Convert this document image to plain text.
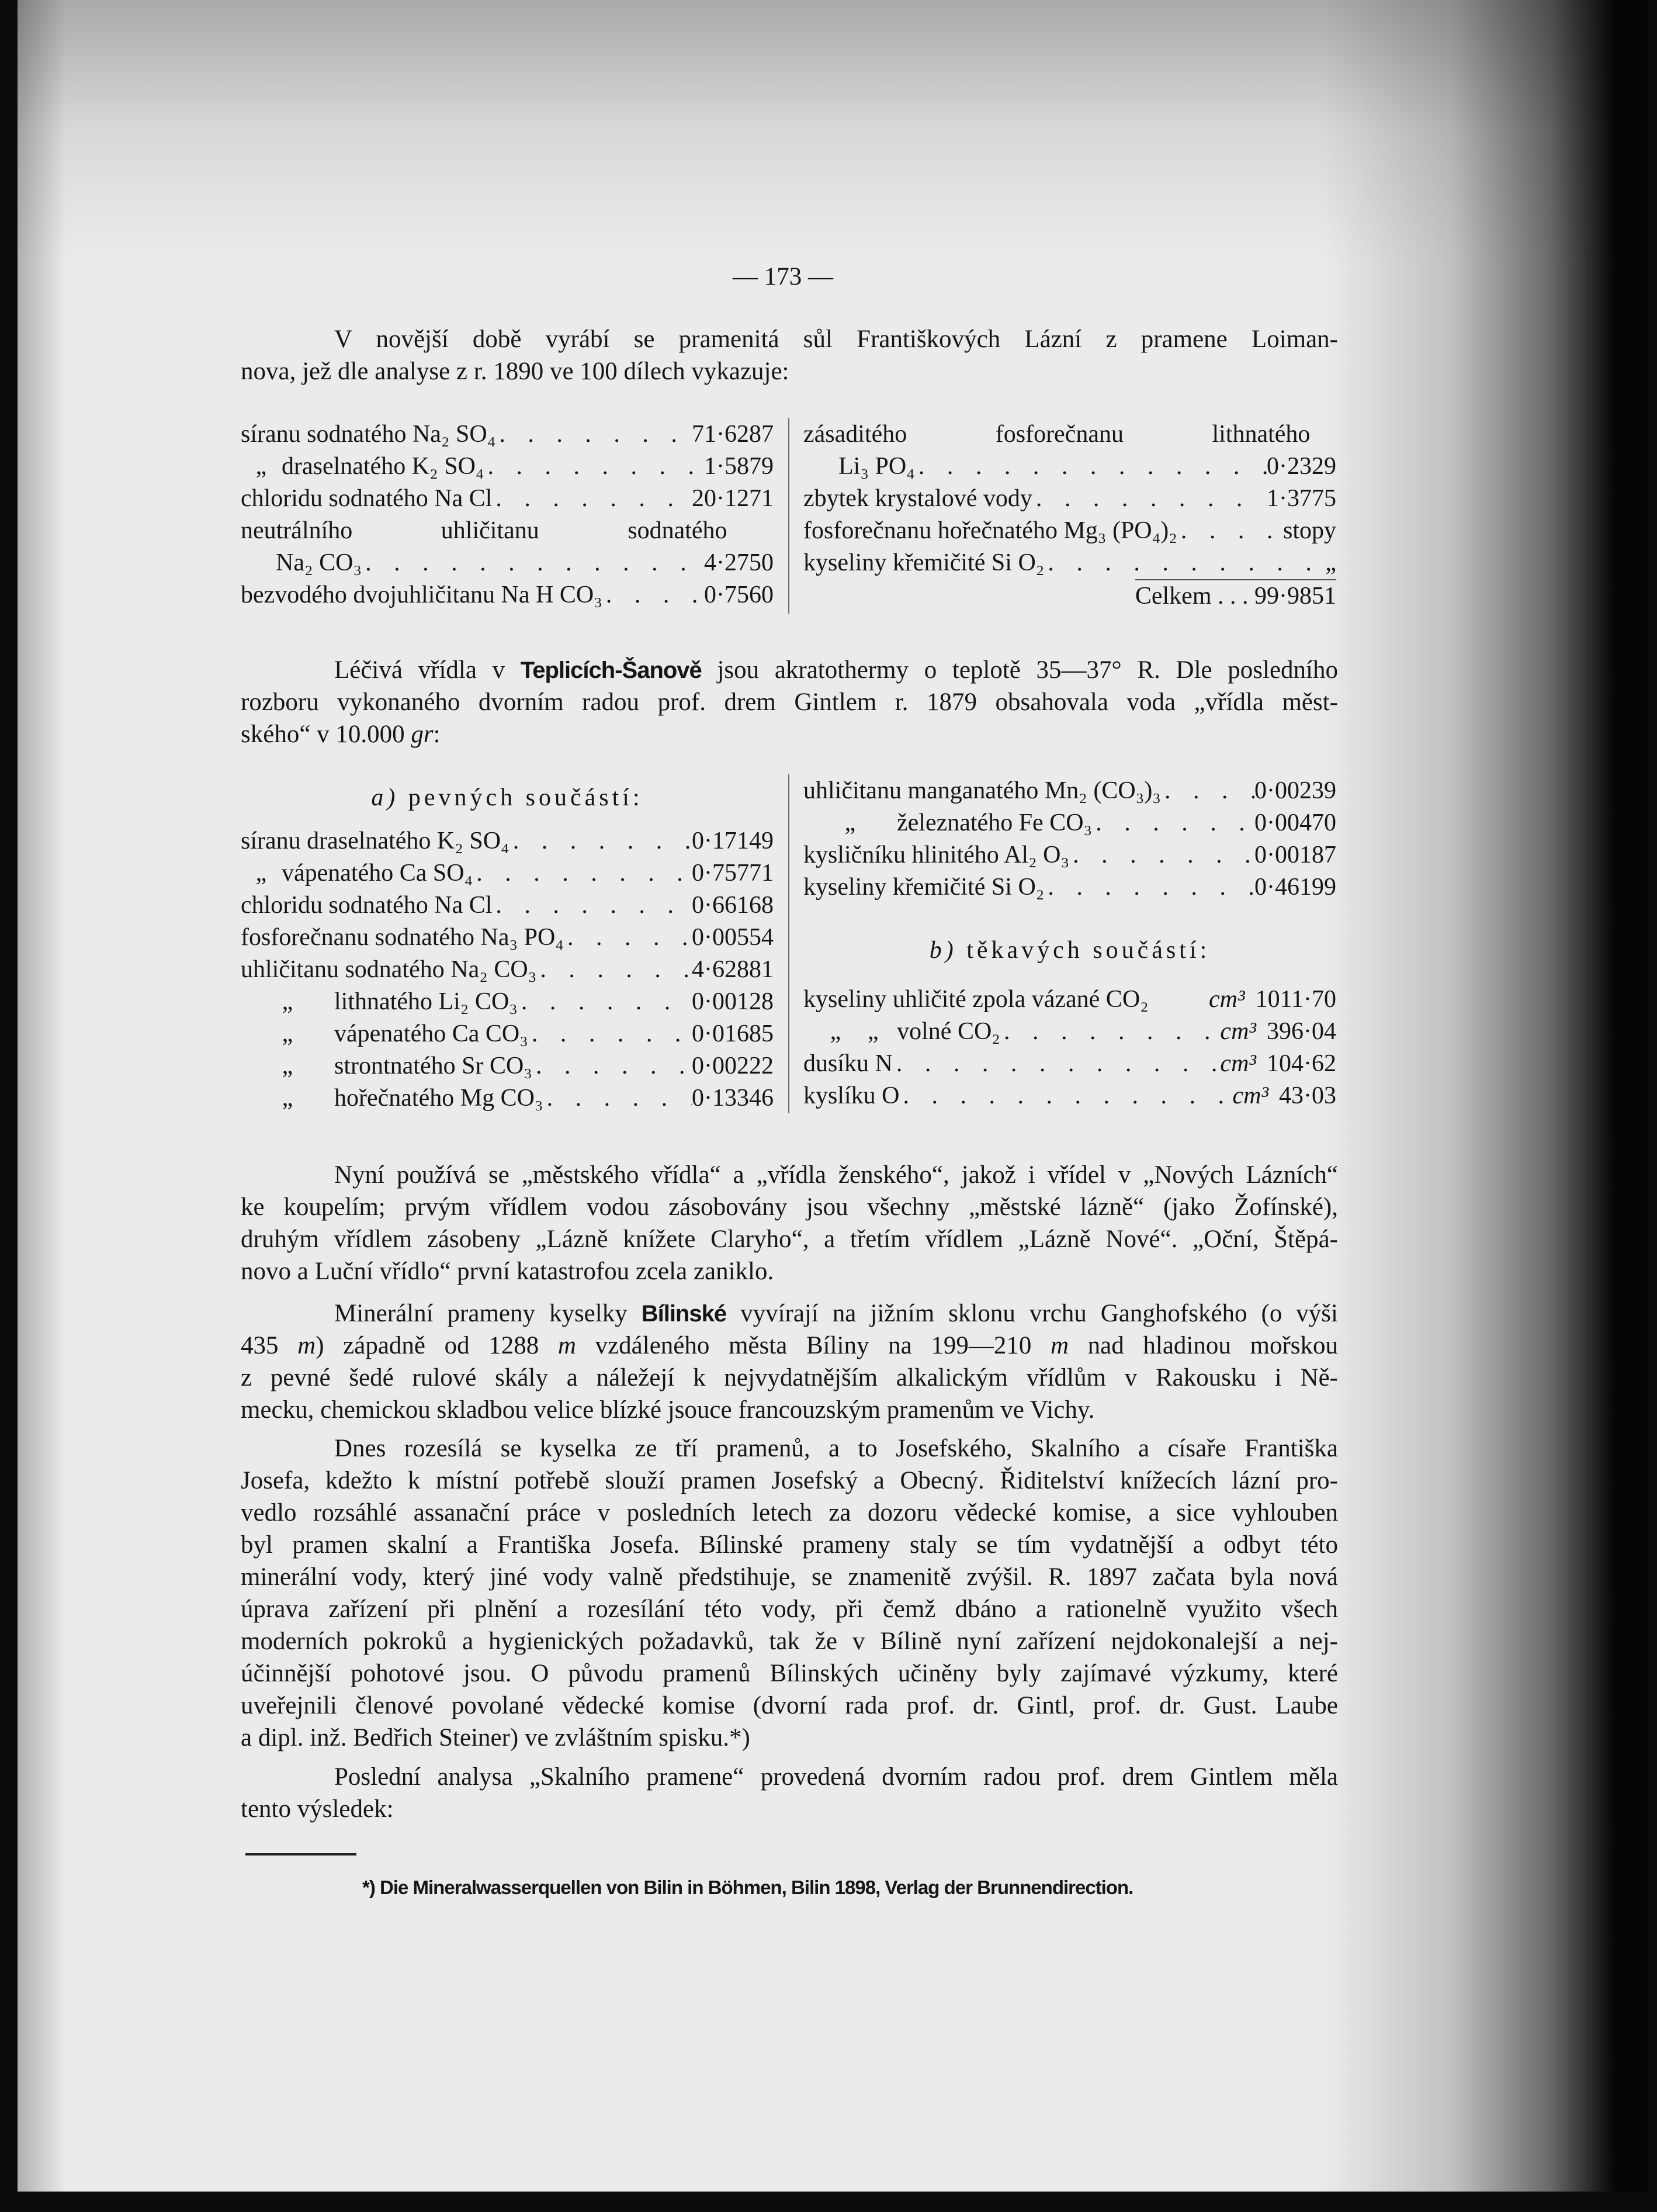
— 173 —
V novější době vyrábí se pramenitá sůl Františkových Lázní z pramene Loiman-
nova, jež dle analyse z r. 1890 ve 100 dílech vykazuje:
síranu sodnatého Na₂ SO₄ . . .	71·6287
„ draselnatého K₂ SO₄ . . .	1·5879
chloridu sodnatého Na Cl . . .	20·1271
neutrálního   uhličitanu   sodnatého
Na₂ CO₃ . . .	4·2750
bezvodého dvojuhličitanu Na H CO₃ . . .	0·7560
zásaditého   fosforečnanu   lithnatého
Li₃ PO₄ . . .	0·2329
zbytek krystalové vody . . .	1·3775
fosforečnanu hořečnatého Mg₃ (PO₄)₂ . . .	stopy
kyseliny křemičité Si O₂ . . .	„
Celkem . . . 99·9851
Léčivá vřídla v Teplicích-Šanově jsou akratothermy o teplotě 35—37° R. Dle posledního
rozboru vykonaného dvorním radou prof. drem Gintlem r. 1879 obsahovala voda „vřídla měst-
ského“ v 10.000 gr:
a) pevných součástí:
síranu draselnatého K₂ SO₄ . . .	0·17149
„ vápenatého Ca SO₄ . . .	0·75771
chloridu sodnatého Na Cl . . .	0·66168
fosforečnanu sodnatého Na₃ PO₄ . . .	0·00554
uhličitanu sodnatého Na₂ CO₃ . . .	4·62881
„	lithnatého Li₂ CO₃ . . .	0·00128
„	vápenatého Ca CO₃ . . .	0·01685
„	strontnatého Sr CO₃ . . .	0·00222
„	hořečnatého Mg CO₃ . . .	0·13346
uhličitanu manganatého Mn₂ (CO₃)₃ . . .	0·00239
„	železnatého Fe CO₃ . . .	0·00470
kysličníku hlinitého Al₂ O₃ . . .	0·00187
kyseliny křemičité Si O₂ . . .	0·46199
b) těkavých součástí:
kyseliny uhličité zpola vázané CO₂ cm³ 1011·70
„	„   volné CO₂ . . .	cm³ 396·04
dusíku N . . .	cm³ 104·62
kyslíku O . . .	cm³ 43·03
Nyní používá se „městského vřídla“ a „vřídla ženského“, jakož i vřídel v „Nových Lázních“
ke koupelím; prvým vřídlem vodou zásobovány jsou všechny „městské lázně“ (jako Žofínské),
druhým vřídlem zásobeny „Lázně knížete Claryho“, a třetím vřídlem „Lázně Nové“. „Oční, Štěpá-
novo a Luční vřídlo“ první katastrofou zcela zaniklo.
Minerální prameny kyselky Bílinské vyvírají na jižním sklonu vrchu Ganghofského (o výši
435 m) západně od 1288 m vzdáleného města Bíliny na 199—210 m nad hladinou mořskou
z pevné šedé rulové skály a náležejí k nejvydatnějším alkalickým vřídlům v Rakousku i Ně-
mecku, chemickou skladbou velice blízké jsouce francouzským pramenům ve Vichy.
Dnes rozesílá se kyselka ze tří pramenů, a to Josefského, Skalního a císaře Františka
Josefa, kdežto k místní potřebě slouží pramen Josefský a Obecný. Řiditelství knížecích lázní pro-
vedlo rozsáhlé assanační práce v posledních letech za dozoru vědecké komise, a sice vyhlouben
byl pramen skalní a Františka Josefa. Bílinské prameny staly se tím vydatnější a odbyt této
minerální vody, který jiné vody valně předstihuje, se znamenitě zvýšil. R. 1897 začata byla nová
úprava zařízení při plnění a rozesílání této vody, při čemž dbáno a rationelně využito všech
moderních pokroků a hygienických požadavků, tak že v Bílině nyní zařízení nejdokonalejší a nej-
účinnější pohotové jsou. O původu pramenů Bílinských učiněny byly zajímavé výzkumy, které
uveřejnili členové povolané vědecké komise (dvorní rada prof. dr. Gintl, prof. dr. Gust. Laube
a dipl. inž. Bedřich Steiner) ve zvláštním spisku.*)
Poslední analysa „Skalního pramene“ provedená dvorním radou prof. drem Gintlem měla
tento výsledek:
*) Die Mineralwasserquellen von Bilin in Böhmen, Bilin 1898, Verlag der Brunnendirection.
